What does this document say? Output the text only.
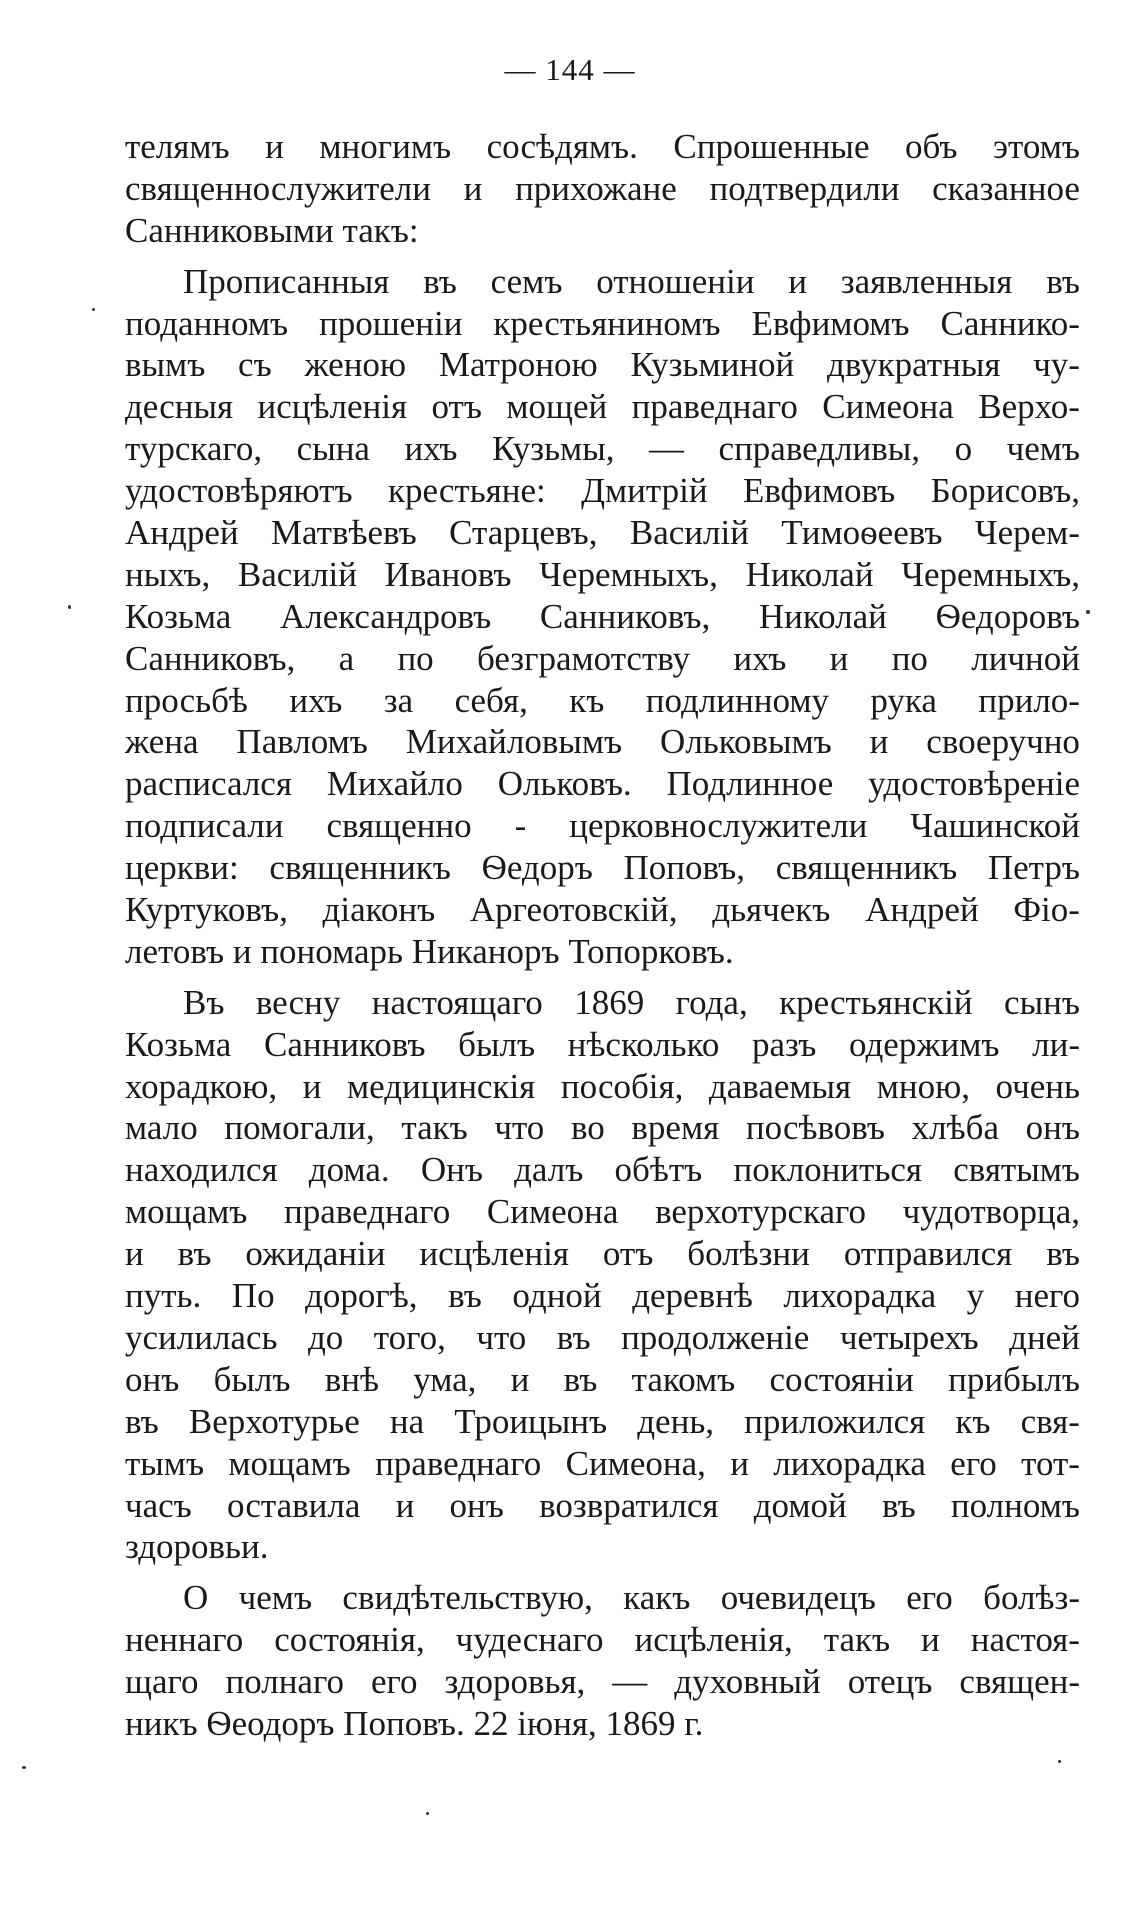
— 144 —
телямъ и многимъ сосѣдямъ. Спрошенные объ этомъ
священнослужители и прихожане подтвердили сказанное
Санниковыми такъ:
Прописанныя въ семъ отношенiи и заявленныя въ
поданномъ прошенiи крестьяниномъ Евфимомъ Саннико-
вымъ съ женою Матроною Кузьминой двукратныя чу-
десныя исцѣленiя отъ мощей праведнаго Симеона Верхо-
турскаго, сына ихъ Кузьмы, — справедливы, о чемъ
удостовѣряютъ крестьяне: Дмитрiй Евфимовъ Борисовъ,
Андрей Матвѣевъ Старцевъ, Василiй Тимоѳеевъ Черем-
ныхъ, Василiй Ивановъ Черемныхъ, Николай Черемныхъ,
Козьма Александровъ Санниковъ, Николай Ѳедоровъ
Санниковъ, а по безграмотству ихъ и по личной
просьбѣ ихъ за себя, къ подлинному рука прило-
жена Павломъ Михайловымъ Ольковымъ и своеручно
расписался Михайло Ольковъ. Подлинное удостовѣренiе
подписали священно - церковнослужители Чашинской
церкви: священникъ Ѳедоръ Поповъ, священникъ Петръ
Куртуковъ, дiаконъ Аргеотовскiй, дьячекъ Андрей Фiо-
летовъ и пономарь Никаноръ Топорковъ.
Въ весну настоящаго 1869 года, крестьянскiй сынъ
Козьма Санниковъ былъ нѣсколько разъ одержимъ ли-
хорадкою, и медицинскiя пособiя, даваемыя мною, очень
мало помогали, такъ что во время посѣвовъ хлѣба онъ
находился дома. Онъ далъ обѣтъ поклониться святымъ
мощамъ праведнаго Симеона верхотурскаго чудотворца,
и въ ожиданiи исцѣленiя отъ болѣзни отправился въ
путь. По дорогѣ, въ одной деревнѣ лихорадка у него
усилилась до того, что въ продолженiе четырехъ дней
онъ былъ внѣ ума, и въ такомъ состоянiи прибылъ
въ Верхотурье на Троицынъ день, приложился къ свя-
тымъ мощамъ праведнаго Симеона, и лихорадка его тот-
часъ оставила и онъ возвратился домой въ полномъ
здоровьи.
О чемъ свидѣтельствую, какъ очевидецъ его болѣз-
неннаго состоянiя, чудеснаго исцѣленiя, такъ и настоя-
щаго полнаго его здоровья, — духовный отецъ священ-
никъ Ѳеодоръ Поповъ. 22 iюня, 1869 г.
